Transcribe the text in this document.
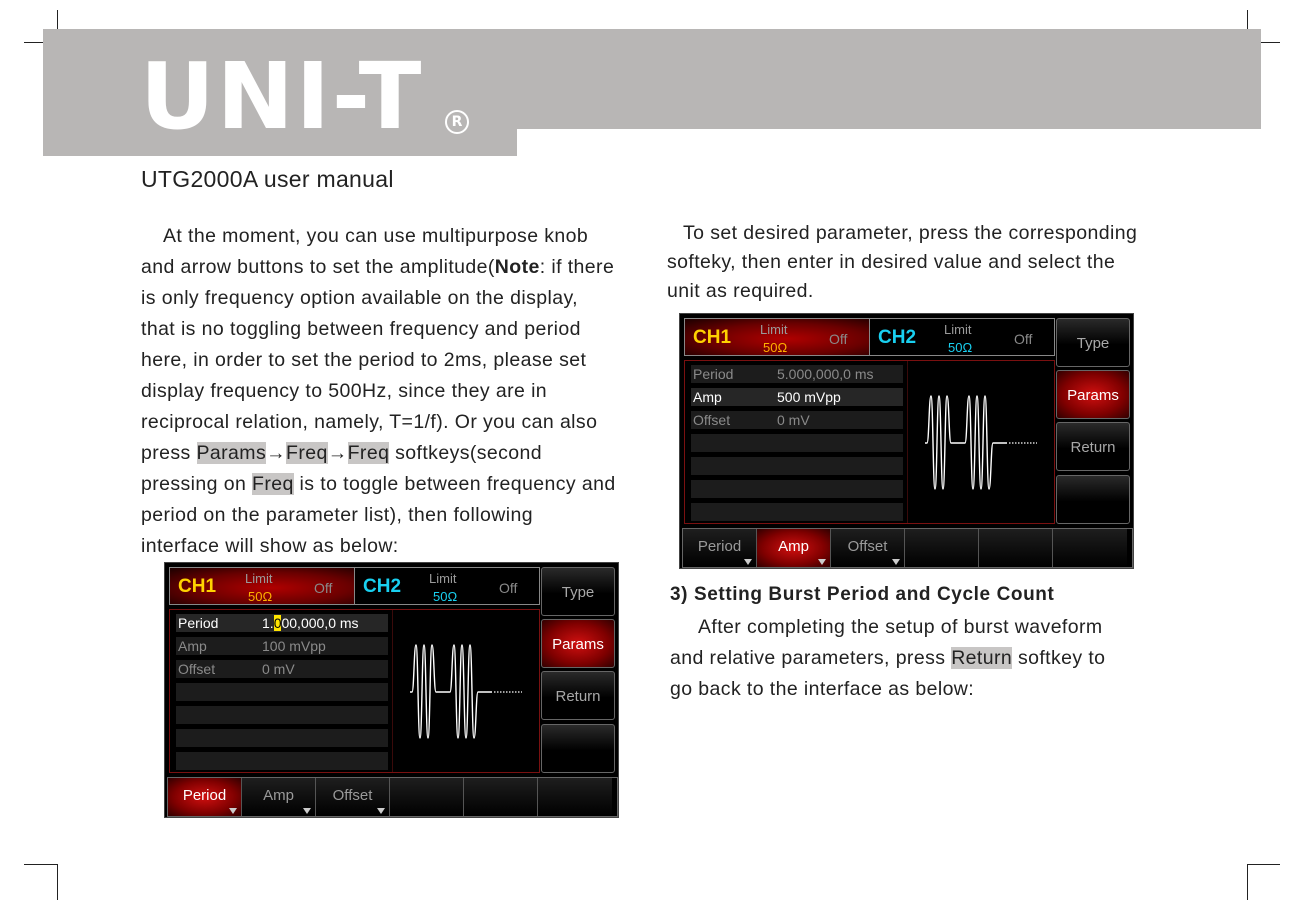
UNI-T	R
UTG2000A user manual
At the moment, you can use multipurpose knob
and arrow buttons to set the amplitude(Note: if there
is only frequency option available on the display,
that is no toggling between frequency and period
here, in order to set the period to 2ms, please set
display frequency to 500Hz, since they are in
reciprocal relation, namely, T=1/f). Or you can also
press Params→Freq→Freq softkeys(second
pressing on Freq is to toggle between frequency and
period on the parameter list), then following
interface will show as below:
To set desired parameter, press the corresponding
softeky, then enter in desired value and select the
unit as required.
3) Setting Burst Period and Cycle Count
After completing the setup of burst waveform
and relative parameters, press Return softkey to
go back to the interface as below:
CH1 Limit
50Ω
Off CH2 Limit
50Ω
Off
Period	1.000,000,0 ms
Amp	100 mVpp
Offset	0 mV
Type
Params
Return
Period	Amp	Offset
CH1 Limit
50Ω
Off CH2 Limit
50Ω
Off
Period	5.000,000,0 ms
Amp	500 mVpp
Offset	0 mV
Type
Params
Return
Period	Amp	Offset
